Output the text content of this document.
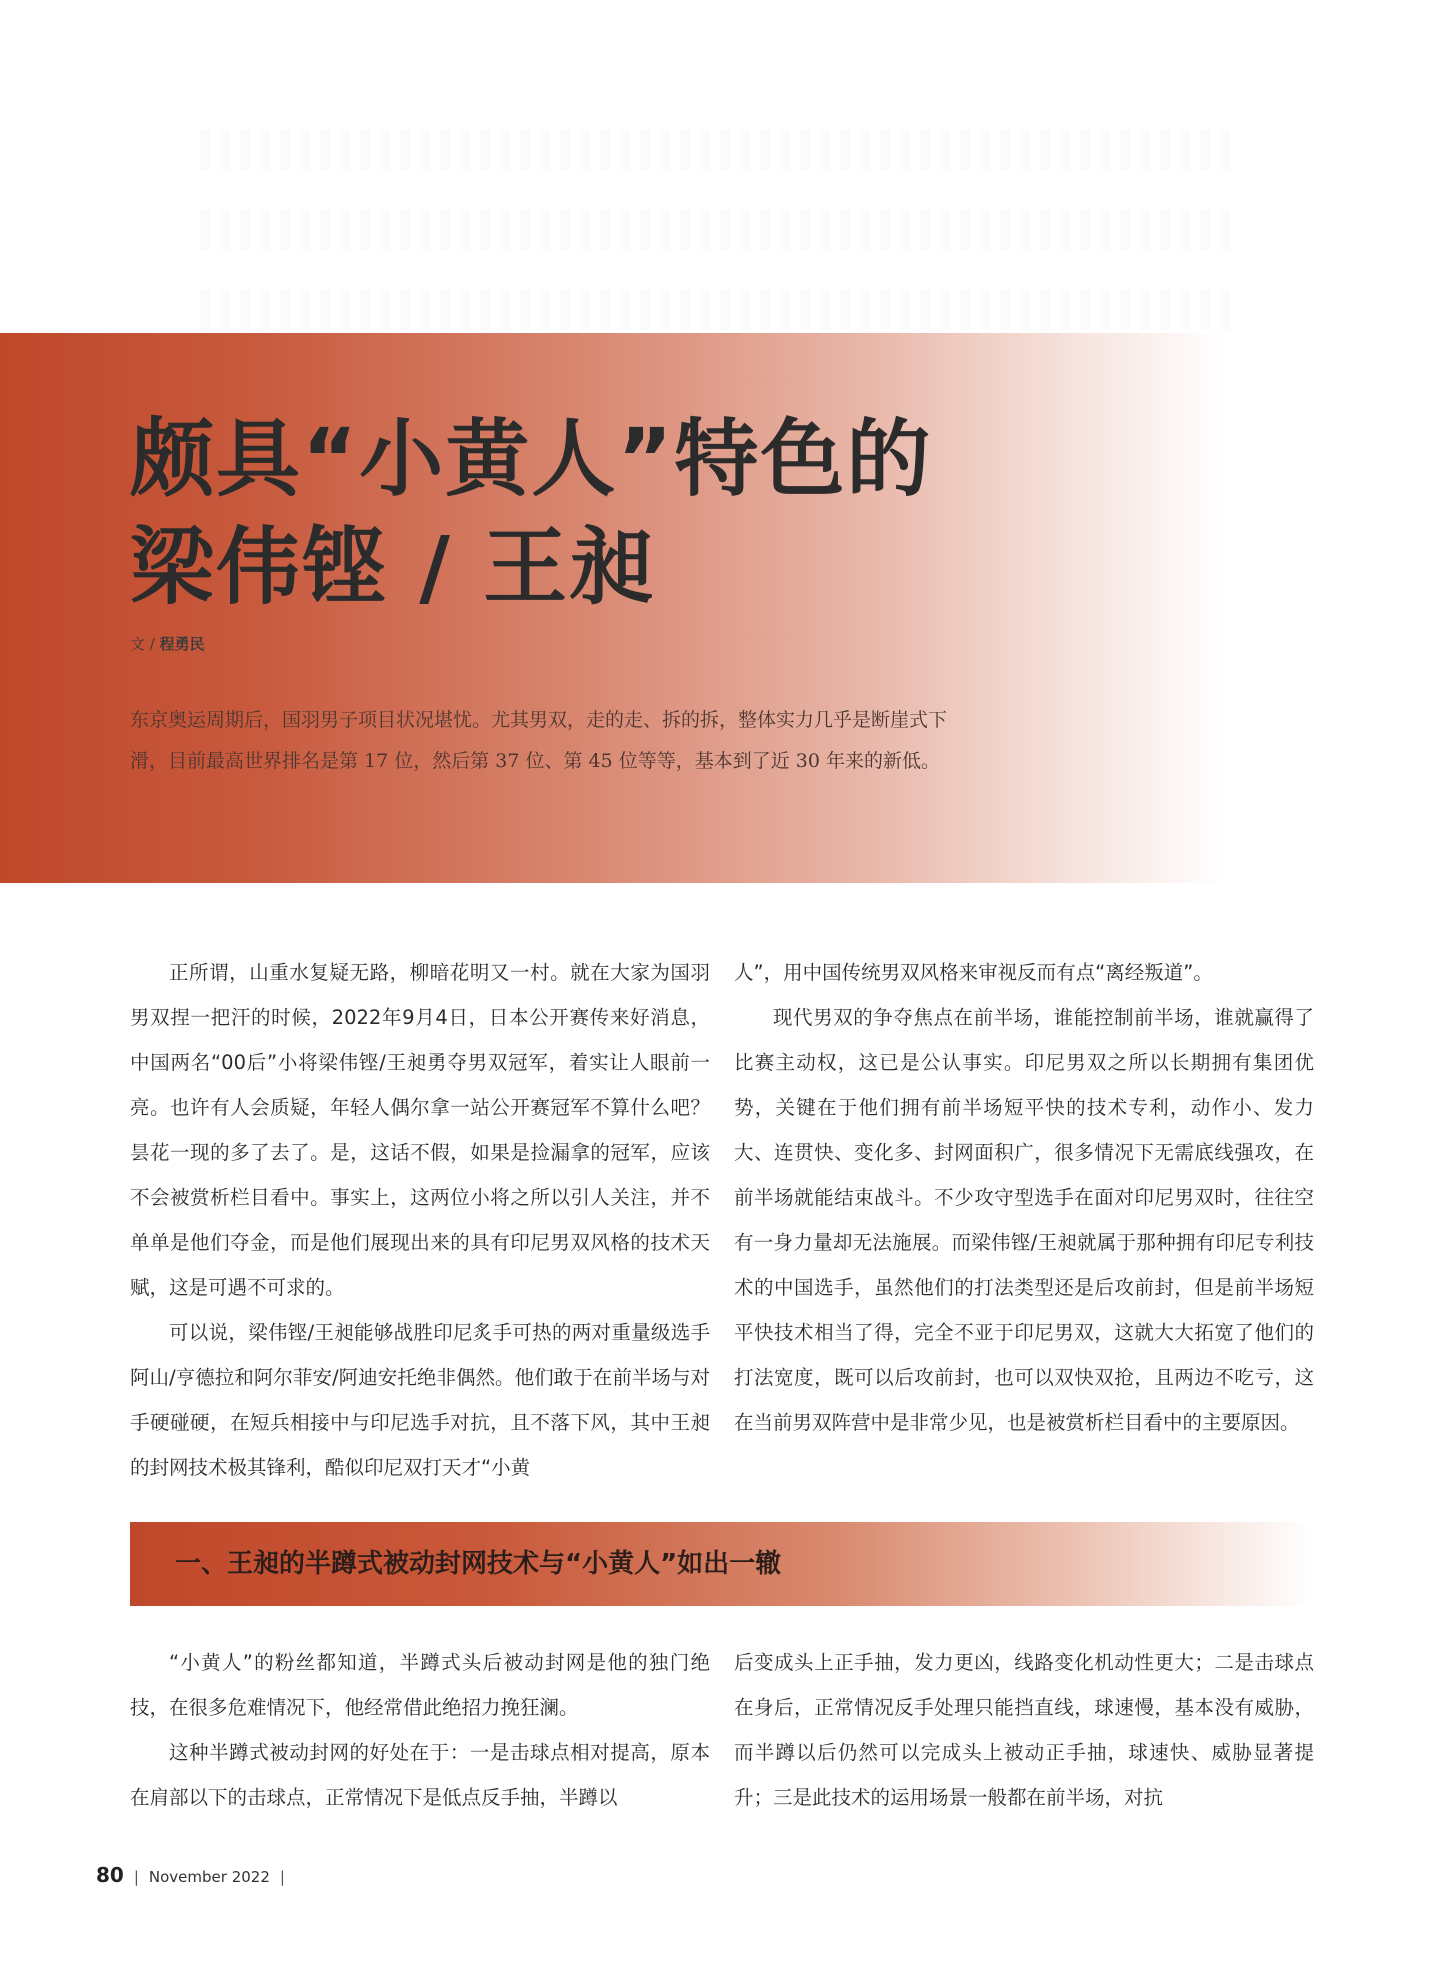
颇具“小黄人”特色的
梁伟铿 / 王昶
文 / 程勇民

东京奥运周期后，国羽男子项目状况堪忧。尤其男双，走的走、拆的拆，整体实力几乎是断崖式下滑，目前最高世界排名是第 17 位，然后第 37 位、第 45 位等等，基本到了近 30 年来的新低。

正所谓，山重水复疑无路，柳暗花明又一村。就在大家为国羽男双捏一把汗的时候，2022年9月4日，日本公开赛传来好消息，中国两名“00后”小将梁伟铿/王昶勇夺男双冠军，着实让人眼前一亮。也许有人会质疑，年轻人偶尔拿一站公开赛冠军不算什么吧？昙花一现的多了去了。是，这话不假，如果是捡漏拿的冠军，应该不会被赏析栏目看中。事实上，这两位小将之所以引人关注，并不单单是他们夺金，而是他们展现出来的具有印尼男双风格的技术天赋，这是可遇不可求的。

可以说，梁伟铿/王昶能够战胜印尼炙手可热的两对重量级选手阿山/亨德拉和阿尔菲安/阿迪安托绝非偶然。他们敢于在前半场与对手硬碰硬，在短兵相接中与印尼选手对抗，且不落下风，其中王昶的封网技术极其锋利，酷似印尼双打天才“小黄

人”，用中国传统男双风格来审视反而有点“离经叛道”。

现代男双的争夺焦点在前半场，谁能控制前半场，谁就赢得了比赛主动权，这已是公认事实。印尼男双之所以长期拥有集团优势，关键在于他们拥有前半场短平快的技术专利，动作小、发力大、连贯快、变化多、封网面积广，很多情况下无需底线强攻，在前半场就能结束战斗。不少攻守型选手在面对印尼男双时，往往空有一身力量却无法施展。而梁伟铿/王昶就属于那种拥有印尼专利技术的中国选手，虽然他们的打法类型还是后攻前封，但是前半场短平快技术相当了得，完全不亚于印尼男双，这就大大拓宽了他们的打法宽度，既可以后攻前封，也可以双快双抢，且两边不吃亏，这在当前男双阵营中是非常少见，也是被赏析栏目看中的主要原因。

一、王昶的半蹲式被动封网技术与“小黄人”如出一辙

“小黄人”的粉丝都知道，半蹲式头后被动封网是他的独门绝技，在很多危难情况下，他经常借此绝招力挽狂澜。

这种半蹲式被动封网的好处在于：一是击球点相对提高，原本在肩部以下的击球点，正常情况下是低点反手抽，半蹲以

后变成头上正手抽，发力更凶，线路变化机动性更大；二是击球点在身后，正常情况反手处理只能挡直线，球速慢，基本没有威胁，而半蹲以后仍然可以完成头上被动正手抽，球速快、威胁显著提升；三是此技术的运用场景一般都在前半场，对抗

80 | November 2022 |
